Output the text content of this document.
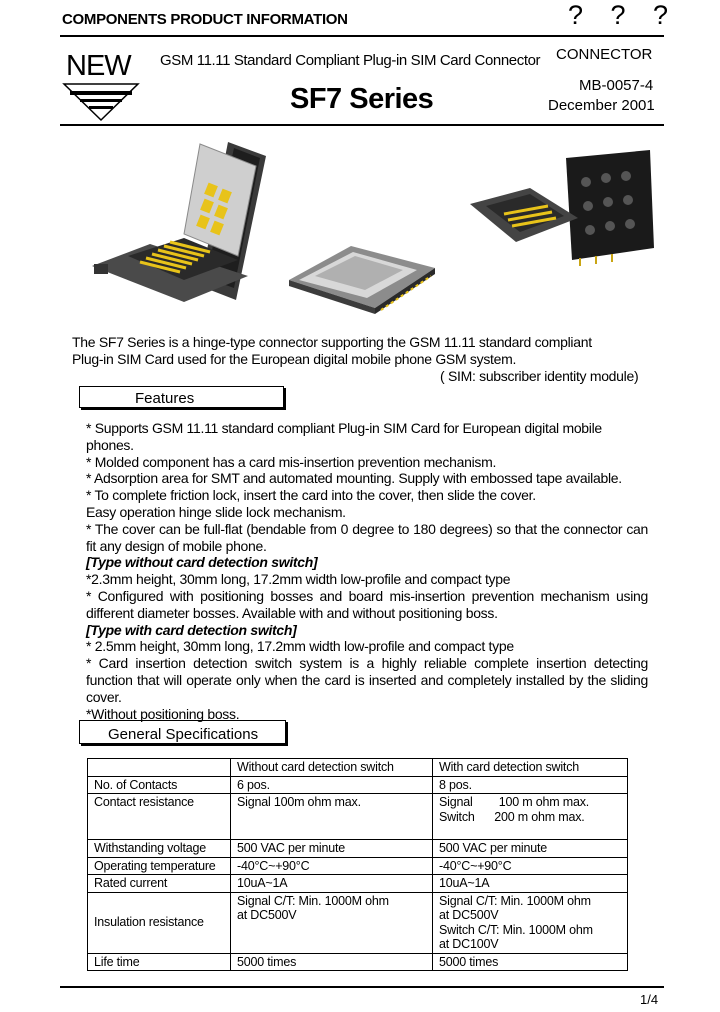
COMPONENTS PRODUCT INFORMATION	? ? ?
NEW GSM 11.11 Standard Compliant Plug-in SIM Card Connector
SF7 Series
CONNECTOR
MB-0057-4
December 2001
The SF7 Series is a hinge-type connector supporting the GSM 11.11 standard compliant
Plug-in SIM Card used for the European digital mobile phone GSM system.
( SIM: subscriber identity module)
Features

* Supports GSM 11.11 standard compliant Plug-in SIM Card for European digital mobile phones.

* Molded component has a card mis-insertion prevention mechanism.

* Adsorption area for SMT and automated mounting. Supply with embossed tape available.

* To complete friction lock, insert the card into the cover, then slide the cover.

Easy operation hinge slide lock mechanism.

* The cover can be full-flat (bendable from 0 degree to 180 degrees) so that the connector can

fit any design of mobile phone.

[Type without card detection switch]

*2.3mm height, 30mm long, 17.2mm width low-profile and compact type

* Configured with positioning bosses and board mis-insertion prevention mechanism using

different diameter bosses. Available with and without positioning boss.

[Type with card detection switch]

* 2.5mm height, 30mm long, 17.2mm width low-profile and compact type

* Card insertion detection switch system is a highly reliable complete insertion detecting

function that will operate only when the card is inserted and completely installed by the sliding

cover.

*Without positioning boss.

General Specifications
	Without card detection switch	With card detection switch
No. of Contacts	6 pos.	8 pos.
Contact resistance	Signal 100m ohm max.	Signal        100 m ohm max.
Switch      200 m ohm max.
Withstanding voltage	500 VAC per minute	500 VAC per minute
Operating temperature	-40°C~+90°C	-40°C~+90°C
Rated current	10uA~1A	10uA~1A
Insulation resistance	Signal C/T: Min. 1000M ohm
at DC500V	Signal C/T: Min. 1000M ohm
at DC500V
Switch C/T: Min. 1000M ohm
at DC100V
Life time	5000 times	5000 times
1/4
